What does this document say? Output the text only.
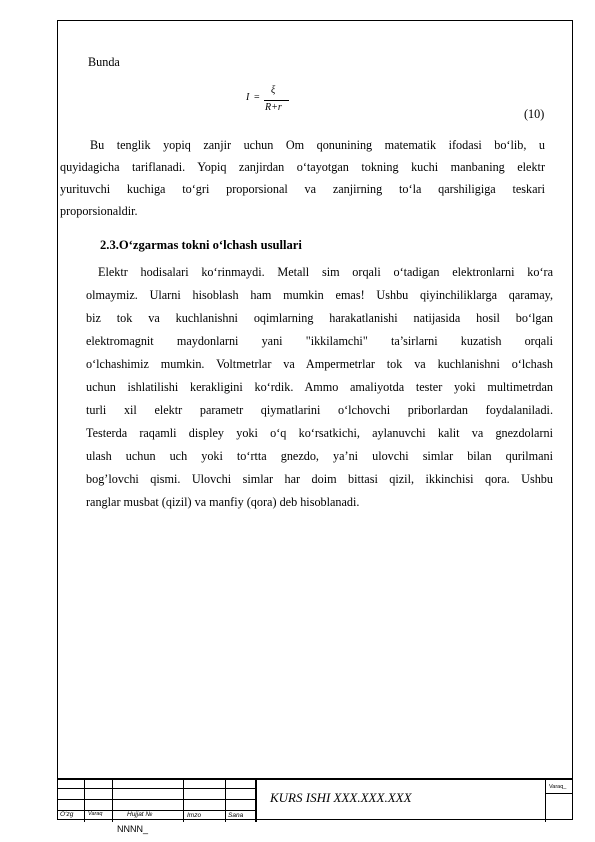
Bunda
I =
ξ
R+r	(10)
Bu tenglik yopiq zanjir uchun Om qonunining matematik ifodasi bo‘lib, u
quyidagicha tariflanadi. Yopiq zanjirdan o‘tayotgan tokning kuchi manbaning elektr
yurituvchi kuchiga to‘gri proporsional va zanjirning to‘la qarshiligiga teskari
proporsionaldir.
2.3.O‘zgarmas tokni o‘lchash usullari
Elektr hodisalari ko‘rinmaydi. Metall sim orqali o‘tadigan elektronlarni ko‘ra
olmaymiz. Ularni hisoblash ham mumkin emas! Ushbu qiyinchiliklarga qaramay,
biz tok va kuchlanishni oqimlarning harakatlanishi natijasida hosil bo‘lgan
elektromagnit maydonlarni yani "ikkilamchi" ta’sirlarni kuzatish orqali
o‘lchashimiz mumkin. Voltmetrlar va Ampermetrlar tok va kuchlanishni o‘lchash
uchun ishlatilishi kerakligini ko‘rdik. Ammo amaliyotda tester yoki multimetrdan
turli xil elektr parametr qiymatlarini o‘lchovchi priborlardan foydalaniladi.
Testerda raqamli displey yoki o‘q ko‘rsatkichi, aylanuvchi kalit va gnezdolarni
ulash uchun uch yoki to‘rtta gnezdo, ya’ni ulovchi simlar bilan qurilmani
bog’lovchi qismi. Ulovchi simlar har doim bittasi qizil, ikkinchisi qora. Ushbu
ranglar musbat (qizil) va manfiy (qora) deb hisoblanadi.
O‘zg	Varaq	Hujjat №	Imzo	Sana
KURS ISHI XXX.XXX.XXX
Varaq_
NNNN_
